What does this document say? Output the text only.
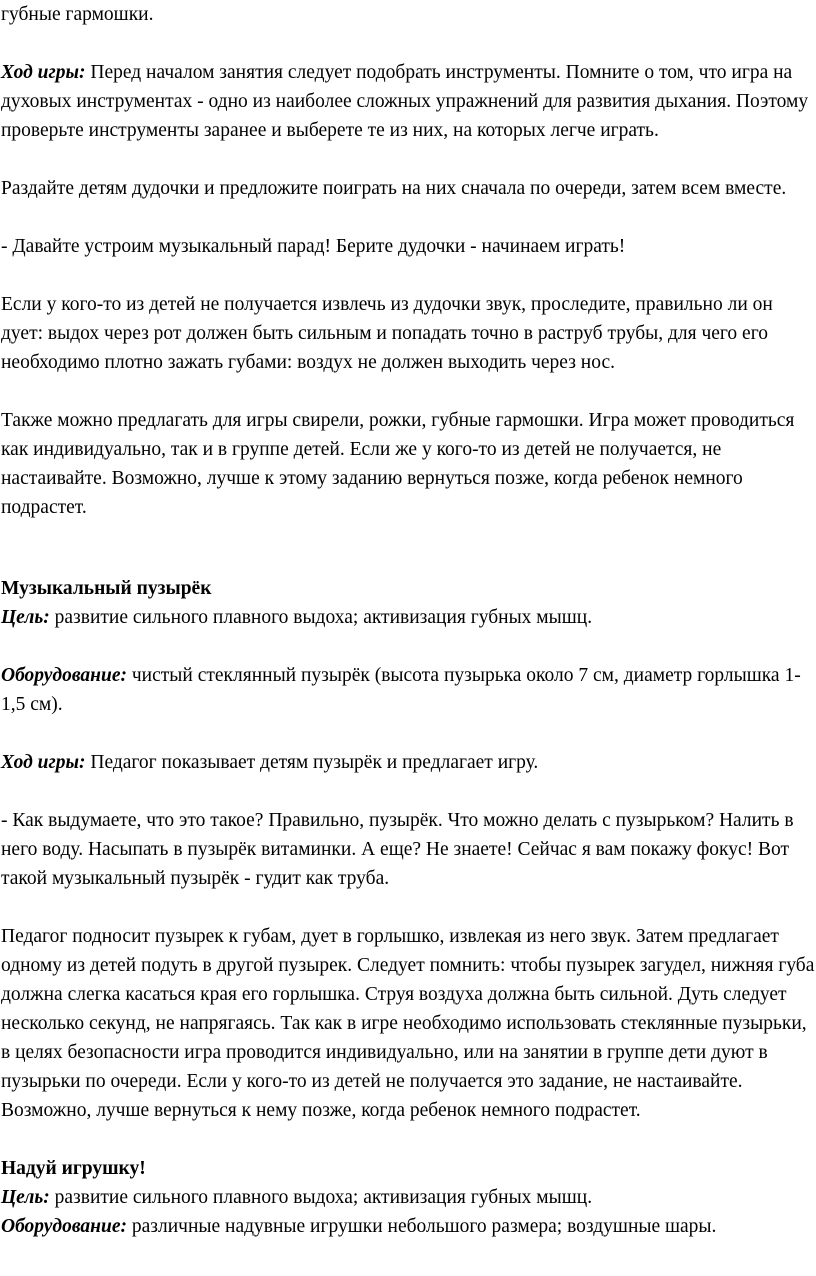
губные гармошки.

Ход игры: Перед началом занятия следует подобрать инструменты. Помните о том, что игра на духовых инструментах - одно из наиболее сложных упражнений для развития дыхания. Поэтому проверьте инструменты заранее и выберете те из них, на которых легче играть.

Раздайте детям дудочки и предложите поиграть на них сначала по очереди, затем всем вместе.

- Давайте устроим музыкальный парад! Берите дудочки - начинаем играть!

Если у кого-то из детей не получается извлечь из дудочки звук, проследите, правильно ли он дует: выдох через рот должен быть сильным и попадать точно в раструб трубы, для чего его необходимо плотно зажать губами: воздух не должен выходить через нос.

Также можно предлагать для игры свирели, рожки, губные гармошки. Игра может проводиться как индивидуально, так и в группе детей. Если же у кого-то из детей не получается, не настаивайте. Возможно, лучше к этому заданию вернуться позже, когда ребенок немного подрастет.

Музыкальный пузырёк

Цель: развитие сильного плавного выдоха; активизация губных мышц.

Оборудование: чистый стеклянный пузырёк (высота пузырька около 7 см, диаметр горлышка 1-1,5 см).

Ход игры: Педагог показывает детям пузырёк и предлагает игру.

- Как выдумаете, что это такое? Правильно, пузырёк. Что можно делать с пузырьком? Налить в него воду. Насыпать в пузырёк витаминки. А еще? Не знаете! Сейчас я вам покажу фокус! Вот такой музыкальный пузырёк - гудит как труба.

Педагог подносит пузырек к губам, дует в горлышко, извлекая из него звук. Затем предлагает одному из детей подуть в другой пузырек. Следует помнить: чтобы пузырек загудел, нижняя губа должна слегка касаться края его горлышка. Струя воздуха должна быть сильной. Дуть следует несколько секунд, не напрягаясь. Так как в игре необходимо использовать стеклянные пузырьки, в целях безопасности игра проводится индивидуально, или на занятии в группе дети дуют в пузырьки по очереди. Если у кого-то из детей не получается это задание, не настаивайте. Возможно, лучше вернуться к нему позже, когда ребенок немного подрастет.

Надуй игрушку!

Цель: развитие сильного плавного выдоха; активизация губных мышц.

Оборудование: различные надувные игрушки небольшого размера; воздушные шары.
